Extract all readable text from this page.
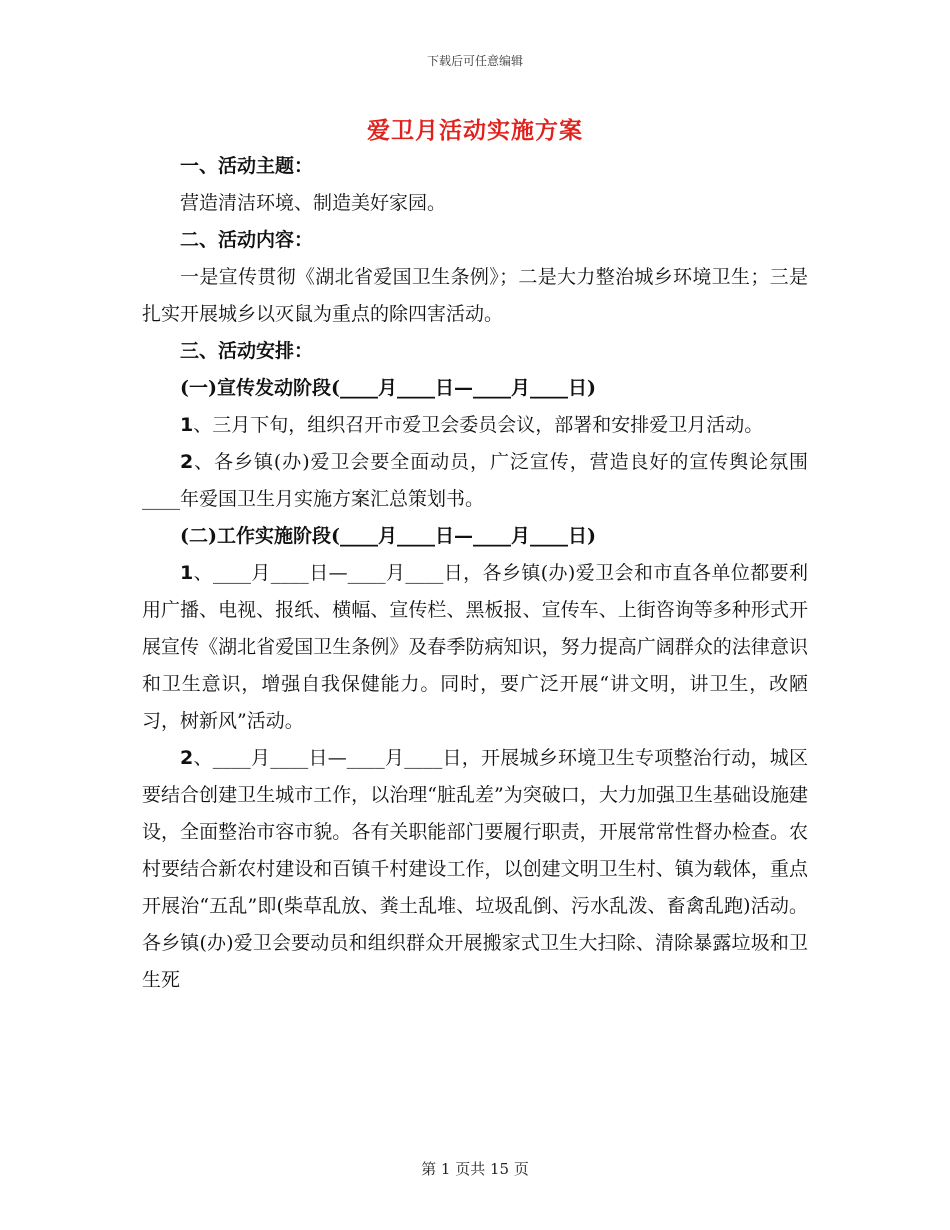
下载后可任意编辑
爱卫月活动实施方案

一、活动主题：

营造清洁环境、制造美好家园。

二、活动内容：

一是宣传贯彻《湖北省爱国卫生条例》；二是大力整治城乡环境卫生；三是扎实开展城乡以灭鼠为重点的除四害活动。

三、活动安排：

(一)宣传发动阶段(____月____日—____月____日)

1、三月下旬，组织召开市爱卫会委员会议，部署和安排爱卫月活动。

2、各乡镇(办)爱卫会要全面动员，广泛宣传，营造良好的宣传舆论氛围____年爱国卫生月实施方案汇总策划书。

(二)工作实施阶段(____月____日—____月____日)

1、____月____日—____月____日，各乡镇(办)爱卫会和市直各单位都要利用广播、电视、报纸、横幅、宣传栏、黑板报、宣传车、上街咨询等多种形式开展宣传《湖北省爱国卫生条例》及春季防病知识，努力提高广阔群众的法律意识和卫生意识，增强自我保健能力。同时，要广泛开展“讲文明，讲卫生，改陋习，树新风”活动。

2、____月____日—____月____日，开展城乡环境卫生专项整治行动，城区要结合创建卫生城市工作，以治理“脏乱差”为突破口，大力加强卫生基础设施建设，全面整治市容市貌。各有关职能部门要履行职责，开展常常性督办检查。农村要结合新农村建设和百镇千村建设工作，以创建文明卫生村、镇为载体，重点开展治“五乱”即(柴草乱放、粪土乱堆、垃圾乱倒、污水乱泼、畜禽乱跑)活动。各乡镇(办)爱卫会要动员和组织群众开展搬家式卫生大扫除、清除暴露垃圾和卫生死

第 1 页共 15 页
